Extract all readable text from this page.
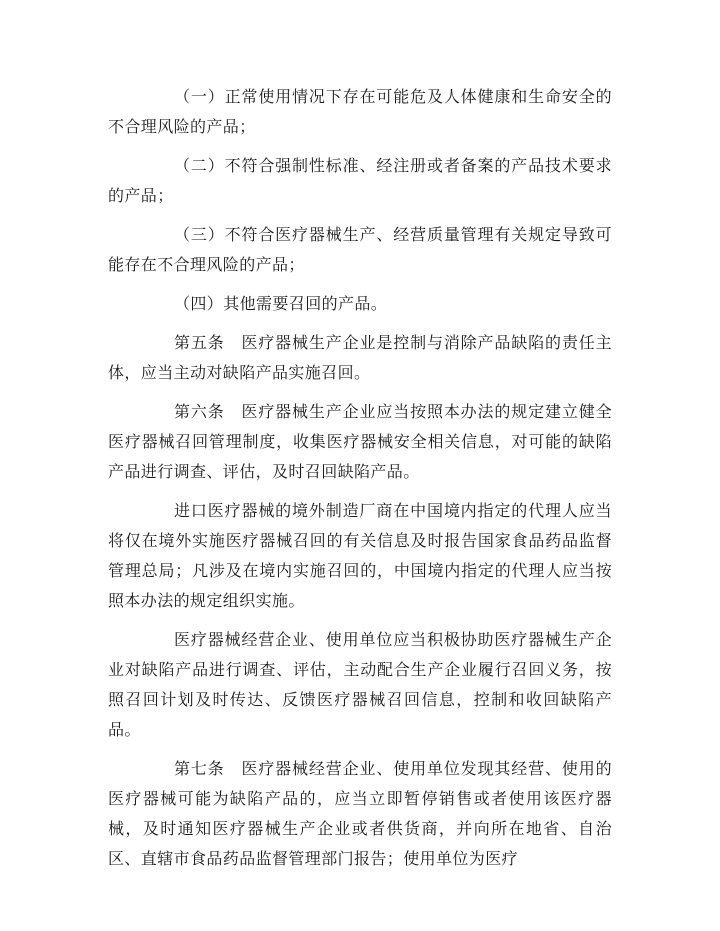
（一）正常使用情况下存在可能危及人体健康和生命安全的不合理风险的产品；

（二）不符合强制性标准、经注册或者备案的产品技术要求的产品；

（三）不符合医疗器械生产、经营质量管理有关规定导致可能存在不合理风险的产品；

（四）其他需要召回的产品。

第五条　医疗器械生产企业是控制与消除产品缺陷的责任主体，应当主动对缺陷产品实施召回。

第六条　医疗器械生产企业应当按照本办法的规定建立健全医疗器械召回管理制度，收集医疗器械安全相关信息，对可能的缺陷产品进行调查、评估，及时召回缺陷产品。

进口医疗器械的境外制造厂商在中国境内指定的代理人应当将仅在境外实施医疗器械召回的有关信息及时报告国家食品药品监督管理总局；凡涉及在境内实施召回的，中国境内指定的代理人应当按照本办法的规定组织实施。

医疗器械经营企业、使用单位应当积极协助医疗器械生产企业对缺陷产品进行调查、评估，主动配合生产企业履行召回义务，按照召回计划及时传达、反馈医疗器械召回信息，控制和收回缺陷产品。

第七条　医疗器械经营企业、使用单位发现其经营、使用的医疗器械可能为缺陷产品的，应当立即暂停销售或者使用该医疗器械，及时通知医疗器械生产企业或者供货商，并向所在地省、自治区、直辖市食品药品监督管理部门报告；使用单位为医疗
